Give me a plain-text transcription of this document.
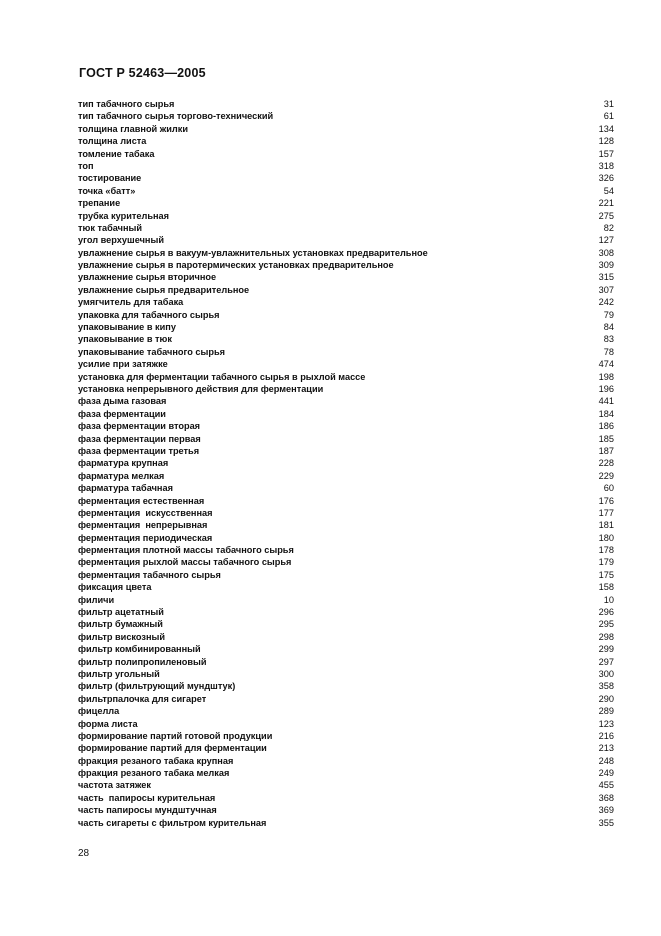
ГОСТ Р 52463—2005
тип табачного сырья	31
тип табачного сырья торгово-технический	61
толщина главной жилки	134
толщина листа	128
томление табака	157
топ	318
тостирование	326
точка «батт»	54
трепание	221
трубка курительная	275
тюк табачный	82
угол верхушечный	127
увлажнение сырья в вакуум-увлажнительных установках предварительное	308
увлажнение сырья в паротермических установках предварительное	309
увлажнение сырья вторичное	315
увлажнение сырья предварительное	307
умягчитель для табака	242
упаковка для табачного сырья	79
упаковывание в кипу	84
упаковывание в тюк	83
упаковывание табачного сырья	78
усилие при затяжке	474
установка для ферментации табачного сырья в рыхлой массе	198
установка непрерывного действия для ферментации	196
фаза дыма газовая	441
фаза ферментации	184
фаза ферментации вторая	186
фаза ферментации первая	185
фаза ферментации третья	187
фарматура крупная	228
фарматура мелкая	229
фарматура табачная	60
ферментация естественная	176
ферментация  искусственная	177
ферментация  непрерывная	181
ферментация периодическая	180
ферментация плотной массы табачного сырья	178
ферментация рыхлой массы табачного сырья	179
ферментация табачного сырья	175
фиксация цвета	158
филичи	10
фильтр ацетатный	296
фильтр бумажный	295
фильтр вискозный	298
фильтр комбинированный	299
фильтр полипропиленовый	297
фильтр угольный	300
фильтр (фильтрующий мундштук)	358
фильтрпалочка для сигарет	290
фицелла	289
форма листа	123
формирование партий готовой продукции	216
формирование партий для ферментации	213
фракция резаного табака крупная	248
фракция резаного табака мелкая	249
частота затяжек	455
часть  папиросы курительная	368
часть папиросы мундштучная	369
часть сигареты с фильтром курительная	355
28
